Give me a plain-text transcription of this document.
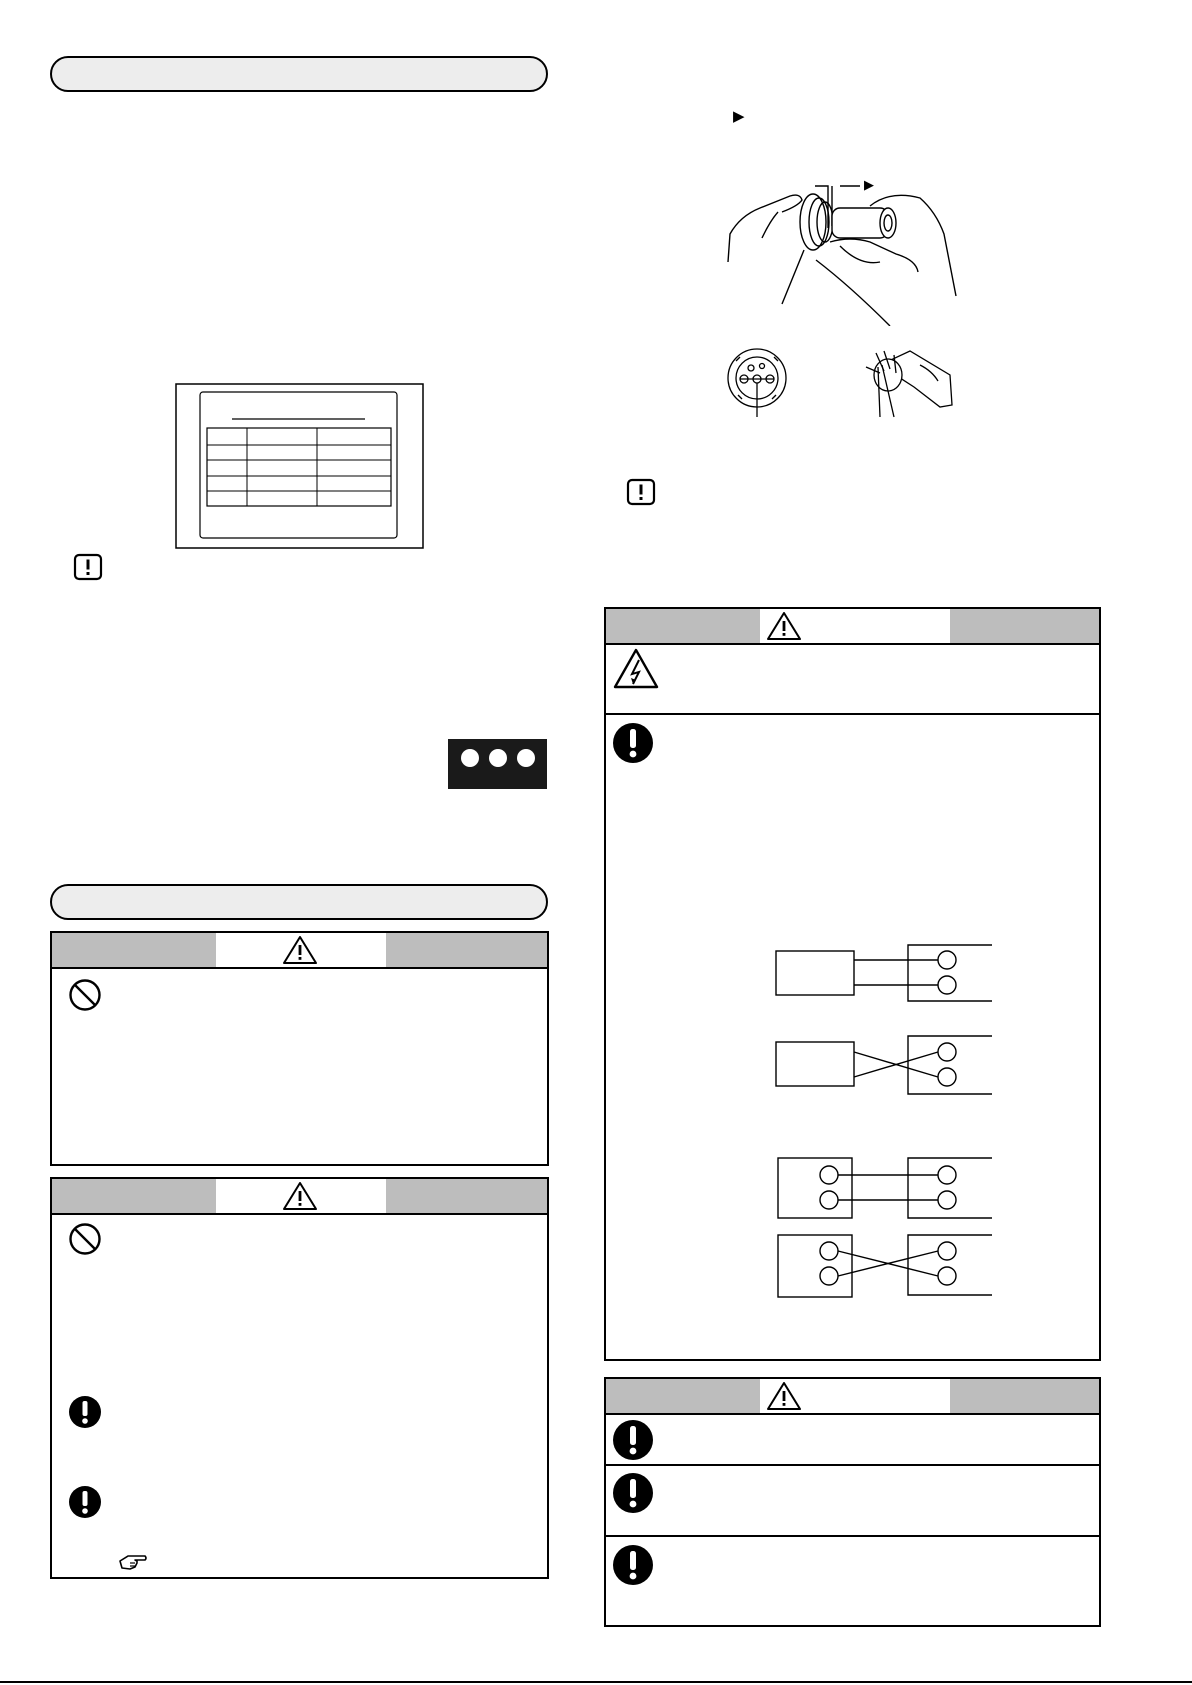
▶
▶
